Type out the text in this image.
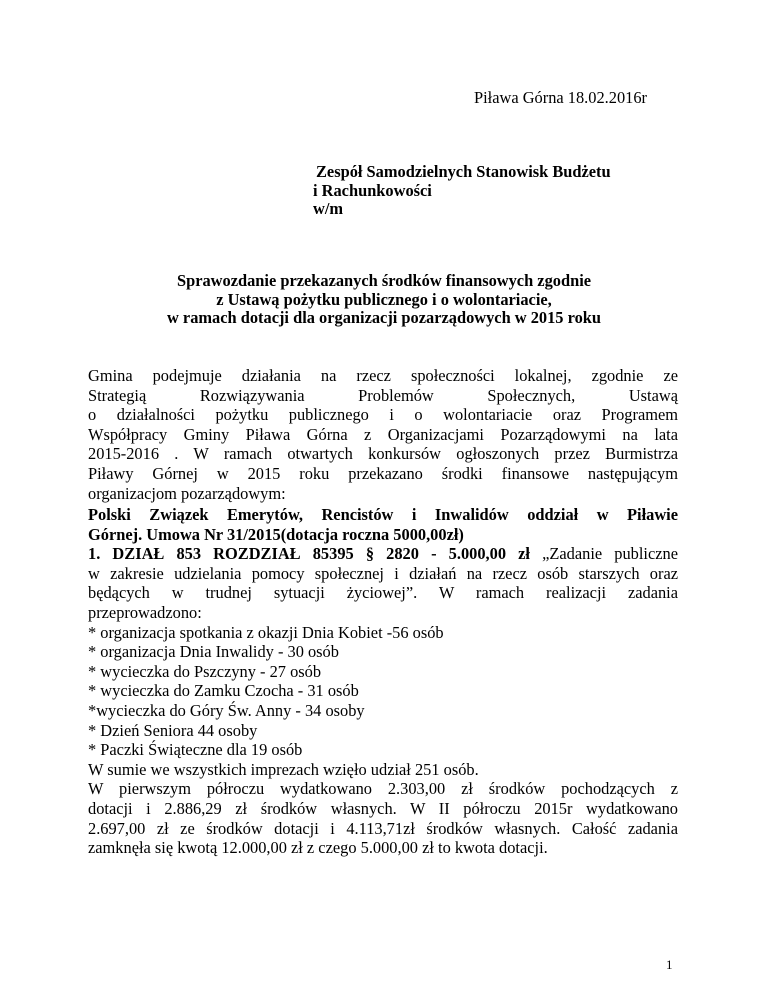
Piława Górna 18.02.2016r
Zespół Samodzielnych Stanowisk Budżetu
i Rachunkowości
w/m
Sprawozdanie przekazanych środków finansowych zgodnie
z Ustawą pożytku publicznego i o wolontariacie,
w ramach dotacji dla organizacji pozarządowych w 2015 roku
Gmina podejmuje działania na rzecz społeczności lokalnej, zgodnie ze
Strategią Rozwiązywania Problemów Społecznych, Ustawą
o działalności pożytku publicznego i o wolontariacie oraz Programem
Współpracy Gminy Piława Górna z Organizacjami Pozarządowymi na lata
2015-2016 . W ramach otwartych konkursów ogłoszonych przez Burmistrza
Piławy Górnej w 2015 roku przekazano środki finansowe następującym
organizacjom pozarządowym:
Polski Związek Emerytów, Rencistów i Inwalidów oddział w Piławie
Górnej. Umowa Nr 31/2015(dotacja roczna 5000,00zł)
1. DZIAŁ 853 ROZDZIAŁ 85395 § 2820 - 5.000,00 zł „Zadanie publiczne
w zakresie udzielania pomocy społecznej i działań na rzecz osób starszych oraz
będących w trudnej sytuacji życiowej”. W ramach realizacji zadania
przeprowadzono:
* organizacja spotkania z okazji Dnia Kobiet -56 osób
* organizacja Dnia Inwalidy - 30 osób
* wycieczka do Pszczyny - 27 osób
* wycieczka do Zamku Czocha - 31 osób
*wycieczka do Góry Św. Anny - 34 osoby
* Dzień Seniora 44 osoby
* Paczki Świąteczne dla 19 osób
W sumie we wszystkich imprezach wzięło udział 251 osób.
W pierwszym półroczu wydatkowano 2.303,00 zł środków pochodzących z
dotacji i 2.886,29 zł środków własnych. W II półroczu 2015r wydatkowano
2.697,00 zł ze środków dotacji i 4.113,71zł środków własnych. Całość zadania
zamknęła się kwotą 12.000,00 zł z czego 5.000,00 zł to kwota dotacji.
1
